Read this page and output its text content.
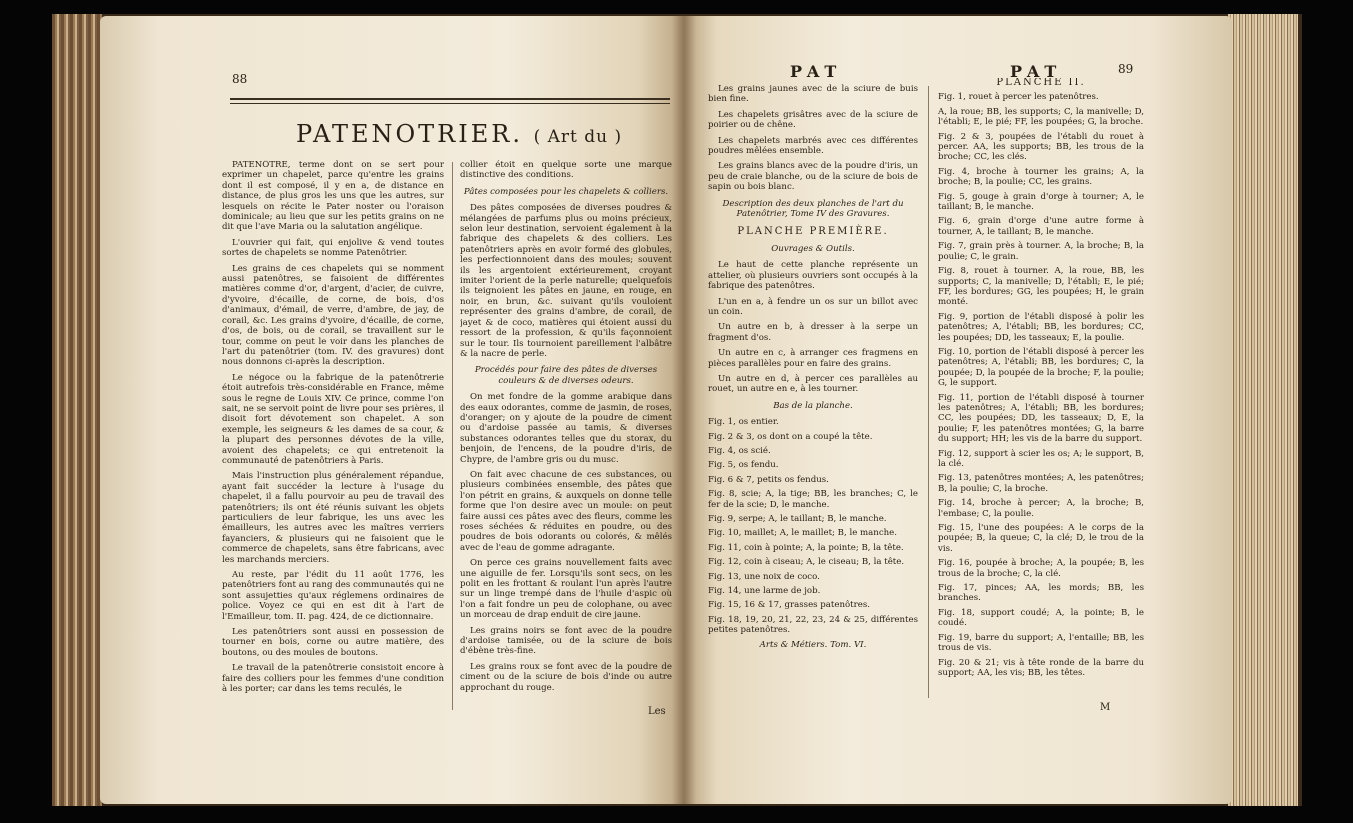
88
PATENOTRIER. ( Art du )

PATENÔTRE, terme dont on se sert pour exprimer un chapelet, parce qu'entre les grains dont il est composé, il y en a, de distance en distance, de plus gros les uns que les autres, sur lesquels on récite le Pater noster ou l'oraison dominicale; au lieu que sur les petits grains on ne dit que l'ave Maria ou la salutation angélique.

L'ouvrier qui fait, qui enjolive & vend toutes sortes de chapelets se nomme Patenôtrier.

Les grains de ces chapelets qui se nomment aussi patenôtres, se faisoient de différentes matières comme d'or, d'argent, d'acier, de cuivre, d'yvoire, d'écaille, de corne, de bois, d'os d'animaux, d'émail, de verre, d'ambre, de jay, de corail, &c. Les grains d'yvoire, d'écaille, de corne, d'os, de bois, ou de corail, se travaillent sur le tour, comme on peut le voir dans les planches de l'art du patenôtrier (tom. IV. des gravures) dont nous donnons ci-après la description.

Le négoce ou la fabrique de la patenôtrerie étoit autrefois très-considérable en France, même sous le regne de Louis XIV. Ce prince, comme l'on sait, ne se servoit point de livre pour ses prières, il disoit fort dévotement son chapelet. A son exemple, les seigneurs & les dames de sa cour, & la plupart des personnes dévotes de la ville, avoient des chapelets; ce qui entretenoit la communauté de patenôtriers à Paris.

Mais l'instruction plus généralement répandue, ayant fait succéder la lecture à l'usage du chapelet, il a fallu pourvoir au peu de travail des patenôtriers; ils ont été réunis suivant les objets particuliers de leur fabrique, les uns avec les émailleurs, les autres avec les maîtres verriers fayanciers, & plusieurs qui ne faisoient que le commerce de chapelets, sans être fabricans, avec les marchands merciers.

Au reste, par l'édit du 11 août 1776, les patenôtriers font au rang des communautés qui ne sont assujetties qu'aux réglemens ordinaires de police. Voyez ce qui en est dit à l'art de l'Emailleur, tom. II. pag. 424, de ce dictionnaire.

Les patenôtriers sont aussi en possession de tourner en bois, corne ou autre matière, des boutons, ou des moules de boutons.

Le travail de la patenôtrerie consistoit encore à faire des colliers pour les femmes d'une condition à les porter; car dans les tems reculés, le

collier étoit en quelque sorte une marque distinctive des conditions.

Pâtes composées pour les chapelets & colliers.

Des pâtes composées de diverses poudres & mélangées de parfums plus ou moins précieux, selon leur destination, servoient également à la fabrique des chapelets & des colliers. Les patenôtriers après en avoir formé des globules, les perfectionnoient dans des moules; souvent ils les argentoient extérieurement, croyant imiter l'orient de la perle naturelle; quelquefois ils teignoient les pâtes en jaune, en rouge, en noir, en brun, &c. suivant qu'ils vouloient représenter des grains d'ambre, de corail, de jayet & de coco, matières qui étoient aussi du ressort de la profession, & qu'ils façonnoient sur le tour. Ils tournoient pareillement l'albâtre & la nacre de perle.

Procédés pour faire des pâtes de diverses couleurs & de diverses odeurs.

On met fondre de la gomme arabique dans des eaux odorantes, comme de jasmin, de roses, d'oranger; on y ajoute de la poudre de ciment ou d'ardoise passée au tamis, & diverses substances odorantes telles que du storax, du benjoin, de l'encens, de la poudre d'iris, de Chypre, de l'ambre gris ou du musc.

On fait avec chacune de ces substances, ou plusieurs combinées ensemble, des pâtes que l'on pétrit en grains, & auxquels on donne telle forme que l'on desire avec un moule: on peut faire aussi ces pâtes avec des fleurs, comme les roses séchées & réduites en poudre, ou des poudres de bois odorants ou colorés, & mêlés avec de l'eau de gomme adragante.

On perce ces grains nouvellement faits avec une aiguille de fer. Lorsqu'ils sont secs, on les polit en les frottant & roulant l'un après l'autre sur un linge trempé dans de l'huile d'aspic où l'on a fait fondre un peu de colophane, ou avec un morceau de drap enduit de cire jaune.

Les grains noirs se font avec de la poudre d'ardoise tamisée, ou de la sciure de bois d'ébène très-fine.

Les grains roux se font avec de la poudre de ciment ou de la sciure de bois d'inde ou autre approchant du rouge.

Les
PAT	PAT	89

Les grains jaunes avec de la sciure de buis bien fine.

Les chapelets grisâtres avec de la sciure de poirier ou de chêne.

Les chapelets marbrés avec ces différentes poudres mêlées ensemble.

Les grains blancs avec de la poudre d'iris, un peu de craie blanche, ou de la sciure de bois de sapin ou bois blanc.

Description des deux planches de l'art du Patenôtrier, Tome IV des Gravures.

PLANCHE PREMIÈRE.

Ouvrages & Outils.

Le haut de cette planche représente un attelier, où plusieurs ouvriers sont occupés à la fabrique des patenôtres.

L'un en a, à fendre un os sur un billot avec un coin.

Un autre en b, à dresser à la serpe un fragment d'os.

Un autre en c, à arranger ces fragmens en pièces parallèles pour en faire des grains.

Un autre en d, à percer ces parallèles au rouet, un autre en e, à les tourner.

Bas de la planche.

Fig. 1, os entier.

Fig. 2 & 3, os dont on a coupé la tête.

Fig. 4, os scié.

Fig. 5, os fendu.

Fig. 6 & 7, petits os fendus.

Fig. 8, scie; A, la tige; BB, les branches; C, le fer de la scie; D, le manche.

Fig. 9, serpe; A, le taillant; B, le manche.

Fig. 10, maillet; A, le maillet; B, le manche.

Fig. 11, coin à pointe; A, la pointe; B, la tête.

Fig. 12, coin à ciseau; A, le ciseau; B, la tête.

Fig. 13, une noix de coco.

Fig. 14, une larme de job.

Fig. 15, 16 & 17, grasses patenôtres.

Fig. 18, 19, 20, 21, 22, 23, 24 & 25, différentes petites patenôtres.

Arts & Métiers. Tom. VI.

PLANCHE II.

Fig. 1, rouet à percer les patenôtres.

A, la roue; BB, les supports; C, la manivelle; D, l'établi; E, le pié; FF, les poupées; G, la broche.

Fig. 2 & 3, poupées de l'établi du rouet à percer. AA, les supports; BB, les trous de la broche; CC, les clés.

Fig. 4, broche à tourner les grains; A, la broche; B, la poulie; CC, les grains.

Fig. 5, gouge à grain d'orge à tourner; A, le taillant; B, le manche.

Fig. 6, grain d'orge d'une autre forme à tourner, A, le taillant; B, le manche.

Fig. 7, grain près à tourner. A, la broche; B, la poulie; C, le grain.

Fig. 8, rouet à tourner. A, la roue, BB, les supports; C, la manivelle; D, l'établi; E, le pié; FF, les bordures; GG, les poupées; H, le grain monté.

Fig. 9, portion de l'établi disposé à polir les patenôtres; A, l'établi; BB, les bordures; CC, les poupées; DD, les tasseaux; E, la poulie.

Fig. 10, portion de l'établi disposé à percer les patenôtres; A, l'établi; BB, les bordures; C, la poupée; D, la poupée de la broche; F, la poulie; G, le support.

Fig. 11, portion de l'établi disposé à tourner les patenôtres; A, l'établi; BB, les bordures; CC, les poupées; DD, les tasseaux; D, E, la poulie; F, les patenôtres montées; G, la barre du support; HH; les vis de la barre du support.

Fig. 12, support à scier les os; A; le support, B, la clé.

Fig. 13, patenôtres montées; A, les patenôtres; B, la poulie; C, la broche.

Fig. 14, broche à percer; A, la broche; B, l'embase; C, la poulie.

Fig. 15, l'une des poupées: A le corps de la poupée; B, la queue; C, la clé; D, le trou de la vis.

Fig. 16, poupée à broche; A, la poupée; B, les trous de la broche; C, la clé.

Fig. 17, pinces; AA, les mords; BB, les branches.

Fig. 18, support coudé; A, la pointe; B, le coudé.

Fig. 19, barre du support; A, l'entaille; BB, les trous de vis.

Fig. 20 & 21; vis à tête ronde de la barre du support; AA, les vis; BB, les têtes.

M
